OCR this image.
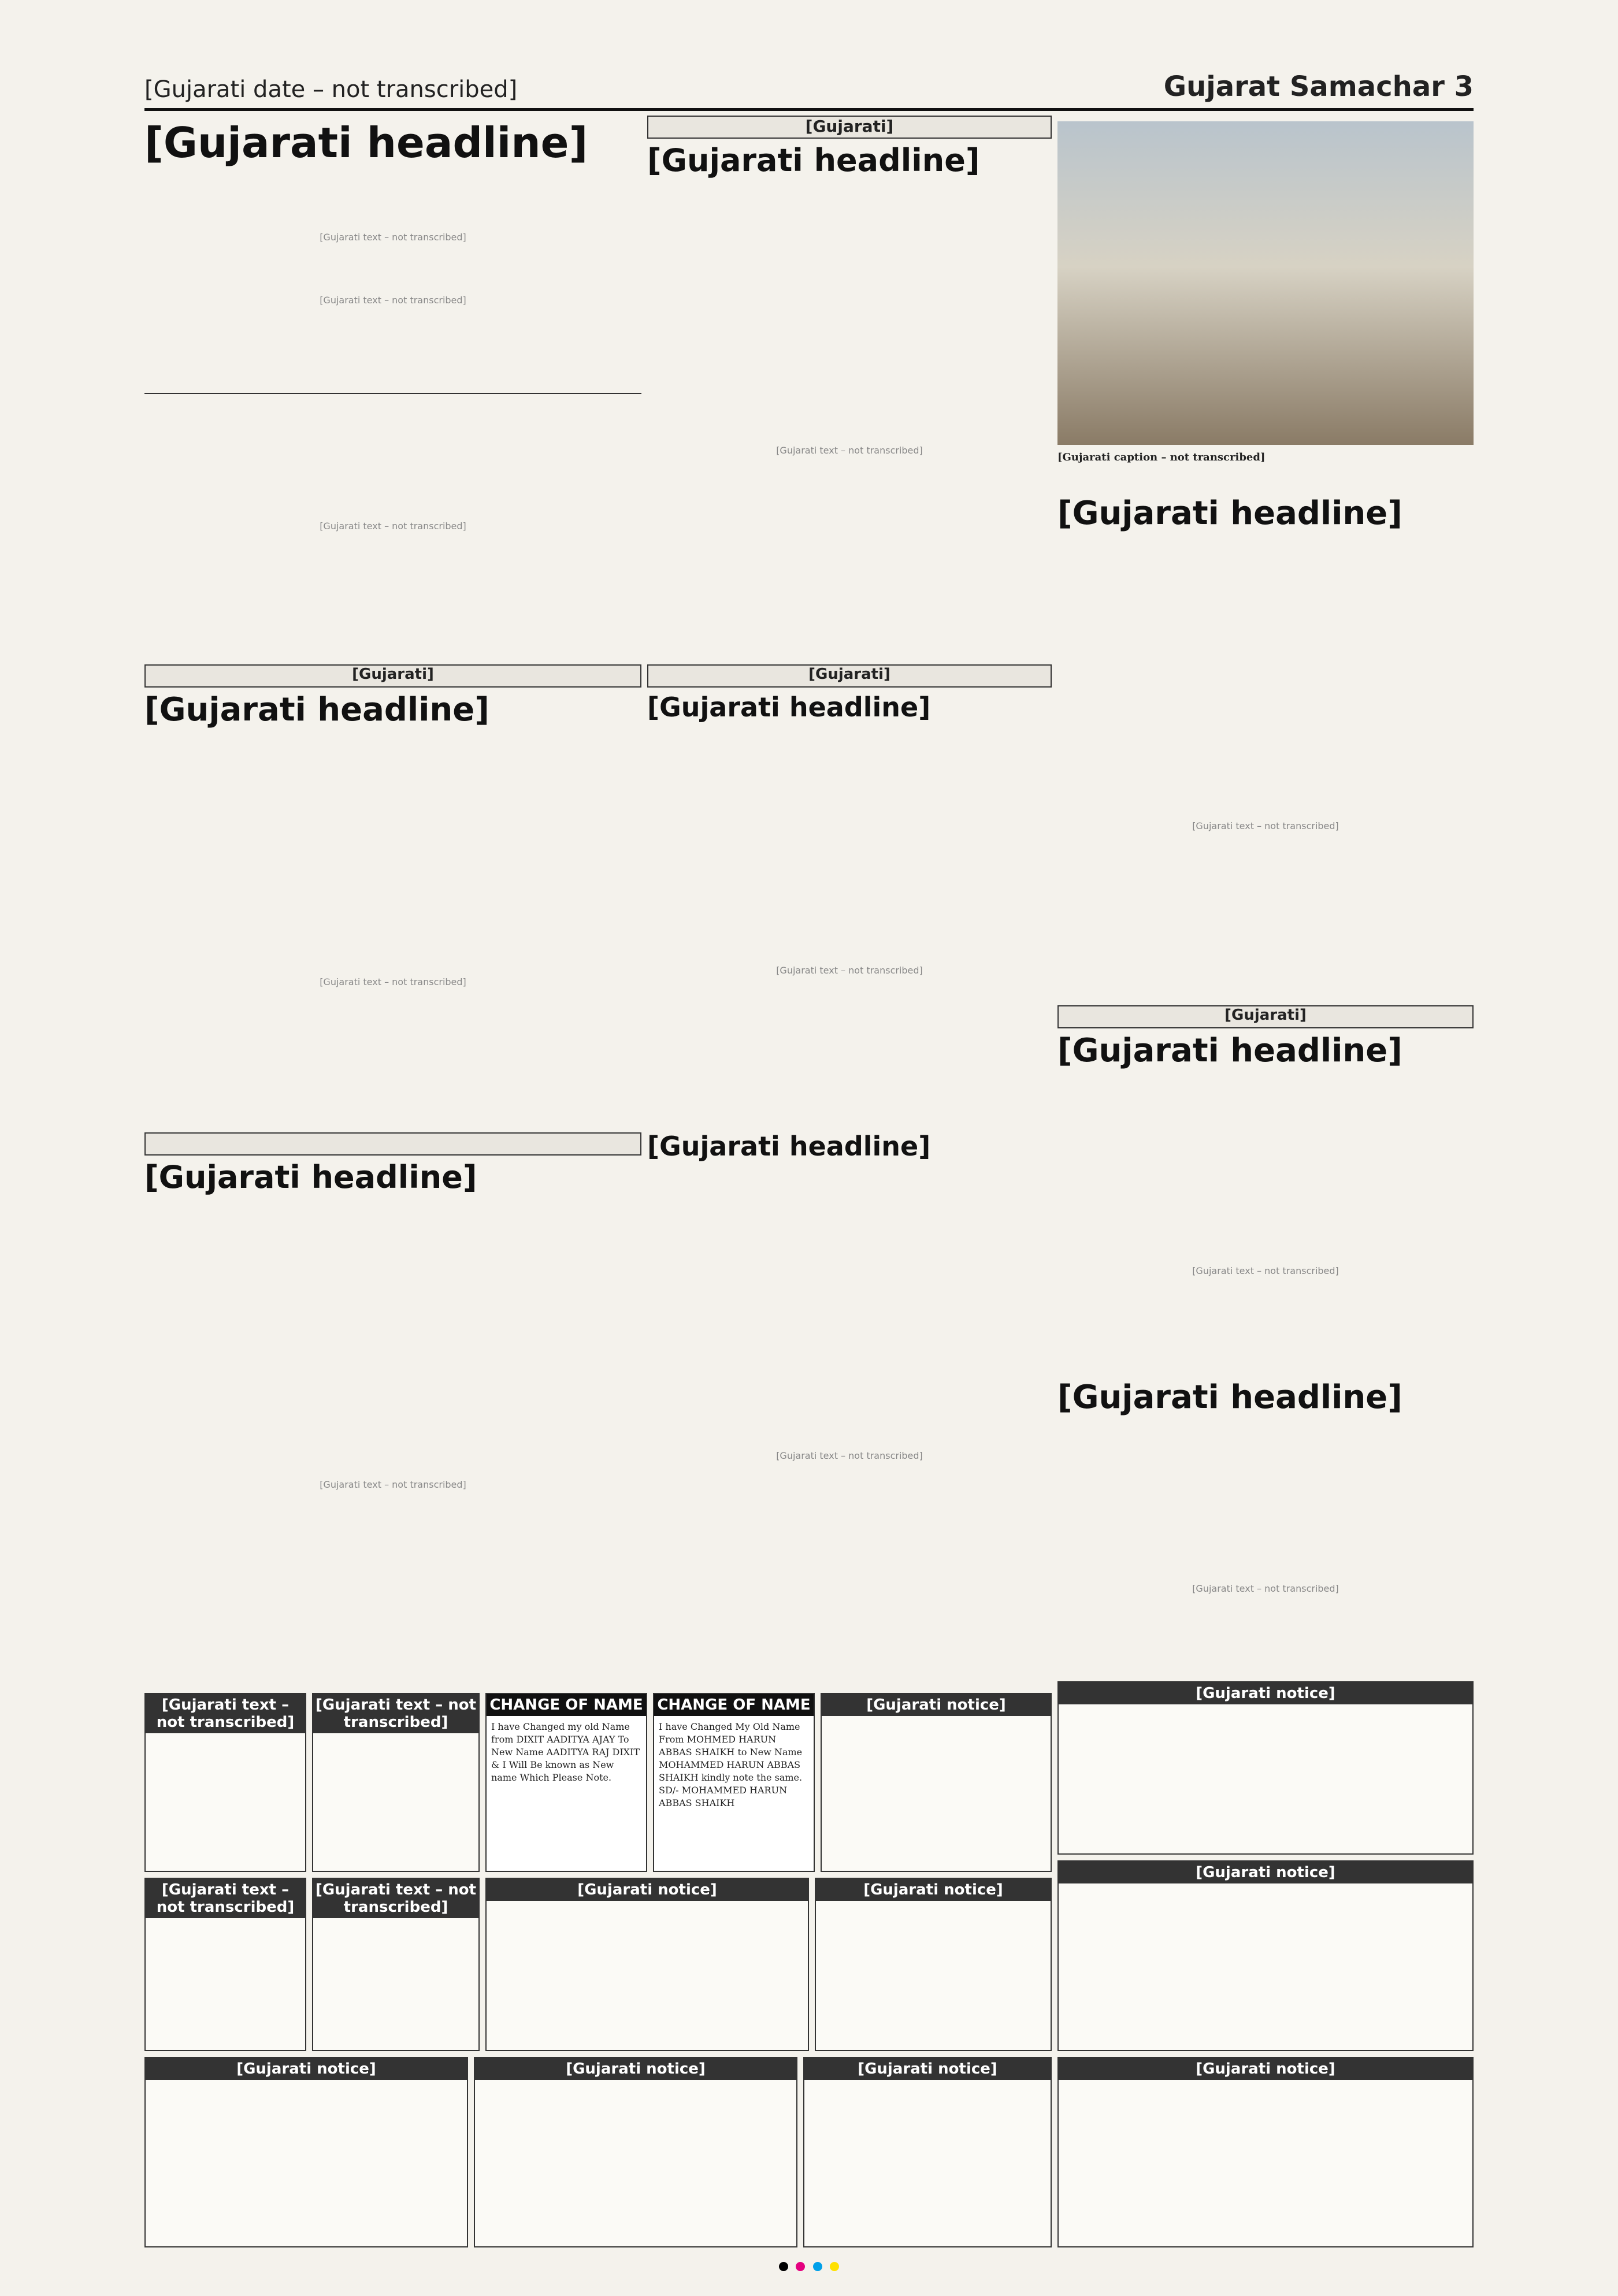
[Gujarati date – not transcribed]	Gujarat Samachar 3
[Gujarati headline]
[Gujarati text – not transcribed]
[Gujarati text – not transcribed]
[Gujarati text – not transcribed]
[Gujarati]
[Gujarati headline]
[Gujarati text – not transcribed]
[Gujarati caption – not transcribed]
[Gujarati headline]
[Gujarati text – not transcribed]
[Gujarati]
[Gujarati headline]
[Gujarati text – not transcribed]
[Gujarati]
[Gujarati headline]
[Gujarati text – not transcribed]
[Gujarati]
[Gujarati headline]
[Gujarati text – not transcribed]
[Gujarati headline]
[Gujarati text – not transcribed]
[Gujarati headline]
[Gujarati text – not transcribed]
[Gujarati headline]
[Gujarati text – not transcribed]
CHANGE OF NAME
I have Changed my old Name from DIXIT AADITYA AJAY To New Name AADITYA RAJ DIXIT & I Will Be known as New name Which Please Note.
CHANGE OF NAME
I have Changed My Old Name From MOHMED HARUN ABBAS SHAIKH to New Name MOHAMMED HARUN ABBAS SHAIKH kindly note the same. SD/- MOHAMMED HARUN ABBAS SHAIKH
[Gujarati text – not transcribed]
[Gujarati text – not transcribed]
[Gujarati text – not transcribed]
[Gujarati text – not transcribed]
[Gujarati notice]
[Gujarati notice]	[Gujarati notice]
[Gujarati notice]
[Gujarati notice]
[Gujarati notice]	[Gujarati notice]	[Gujarati notice]	[Gujarati notice]
